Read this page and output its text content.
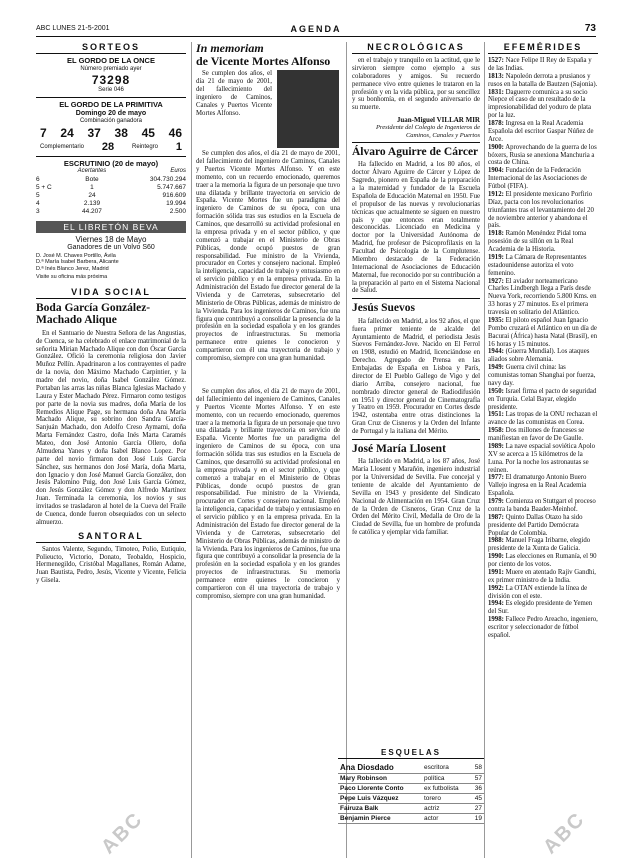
ABC LUNES 21-5-2001	AGENDA	73
SORTEOS
EL GORDO DE LA ONCE
Número premiado ayer
73298
Serie 046
EL GORDO DE LA PRIMITIVA
Domingo 20 de mayo
Combinación ganadora
7 24 37 38 45 46
Complementario 28	Reintegro 1
ESCRUTINIO (20 de mayo)
	Acertantes	Euros
6	Bote	304.730.294
5 + C	1	5.747.667
5	24	916.609
4	2.139	19.994
3	44.207	2.500
EL LIBRETÓN BEVA
Viernes 18 de Mayo
Ganadores de un Volvo S60
D. José M. Chaves Portillo, Ávila
D.ª María Isabel Barbera, Alicante
D.ª Inés Blanco Jerez, Madrid
Visite su oficina más próxima
VIDA SOCIAL
Boda García González-Machado Alique

En el Santuario de Nuestra Señora de las Angustias, de Cuenca, se ha celebrado el enlace matrimonial de la señorita Mirian Machado Alique con don Óscar García González. Ofició la ceremonia religiosa don Javier Muñoz Pellín. Apadrinaron a los contrayentes el padre de la novia, don Máximo Machado Carpintier, y la madre del novio, doña Isabel González Gómez. Portaban las arras las niñas Blanca Iglesias Machado y Laura y Ester Machado Pérez. Firmaron como testigos por parte de la novia sus madres, doña María de los Remedios Alique Page, su hermana doña Ana María Machado Alique, su sobrino don Sandra García-Sanjuán Machado, don Adolfo Creso Aymami, doña Marta Fernández Castro, doña Inés Marta Caramés Mateo, don José Antonio García Ollero, doña Almudena Yanes y doña Isabel Blanco Lopez. Por parte del novio firmaron don José Luis García Sánchez, sus hermanos don José María, doña Marta, don Ignacio y don José Manuel García González, don Jesús Palomino Puig, don José Luis García Gómez, don Jesús González Gómez y don Alfredo Martínez Juan. Terminada la ceremonia, los novios y sus invitados se trasladaron al hotel de la Cueva del Fraile de Cuenca, donde fueron obsequiados con un selecto almuerzo.

SANTORAL

Santos Valente, Segundo, Timoteo, Polio, Eutiquio, Polieucto, Victorio, Donato, Teobaldo, Hospicio, Hermenegildo, Cristóbal Magallanes, Román Adame, Juan Bautista, Pedro, Jesús, Vicente y Vicente, Felicia y Gisela.

In memoriam
de Vicente Mortes Alfonso

Se cumplen dos años, el día 21 de mayo de 2001, del fallecimiento del ingeniero de Caminos, Canales y Puertos Vicente Mortes Alfonso.

Se cumplen dos años, el día 21 de mayo de 2001, del fallecimiento del ingeniero de Caminos, Canales y Puertos Vicente Mortes Alfonso. Y en este momento, con un recuerdo emocionado, queremos traer a la memoria la figura de un personaje que tuvo una dilatada y brillante trayectoria en servicio de España. Vicente Mortes fue un paradigma del ingeniero de Caminos de su época, con una formación sólida tras sus estudios en la Escuela de Caminos, que desarrolló su actividad profesional en la empresa privada y en el sector público, y que comenzó a trabajar en el Ministerio de Obras Públicas, donde ocupó puestos de gran responsabilidad. Fue ministro de la Vivienda, procurador en Cortes y consejero nacional. Empleó la inteligencia, capacidad de trabajo y entusiasmo en el servicio público y en la empresa privada. En la Administración del Estado fue director general de la Vivienda y de Carreteras, subsecretario del Ministerio de Obras Públicas, además de ministro de la Vivienda. Para los ingenieros de Caminos, fue una figura que contribuyó a consolidar la presencia de la profesión en la sociedad española y en los grandes proyectos de infraestructuras. Su memoria permanece entre quienes le conocieron y compartieron con él una trayectoria de trabajo y compromiso, siempre con una gran humanidad.

ESQUELAS
Ana Diosdado	escritora	58
Mary Robinson	política	57
Paco Llorente Conto	ex futbolista	36
Pepe Luis Vázquez	torero	45
Fairuza Balk	actriz	27
Benjamin Pierce	actor	19

Se cumplen dos años, el día 21 de mayo de 2001, del fallecimiento del ingeniero de Caminos, Canales y Puertos Vicente Mortes Alfonso. Y en este momento, con un recuerdo emocionado, queremos traer a la memoria la figura de un personaje que tuvo una dilatada y brillante trayectoria en servicio de España. Vicente Mortes fue un paradigma del ingeniero de Caminos de su época, con una formación sólida tras sus estudios en la Escuela de Caminos, que desarrolló su actividad profesional en la empresa privada y en el sector público, y que comenzó a trabajar en el Ministerio de Obras Públicas, donde ocupó puestos de gran responsabilidad. Fue ministro de la Vivienda, procurador en Cortes y consejero nacional. Empleó la inteligencia, capacidad de trabajo y entusiasmo en el servicio público y en la empresa privada. En la Administración del Estado fue director general de la Vivienda y de Carreteras, subsecretario del Ministerio de Obras Públicas, además de ministro de la Vivienda. Para los ingenieros de Caminos, fue una figura que contribuyó a consolidar la presencia de la profesión en la sociedad española y en los grandes proyectos de infraestructuras. Su memoria permanece entre quienes le conocieron y compartieron con él una trayectoria de trabajo y compromiso, siempre con una gran humanidad.

NECROLÓGICAS

en el trabajo y tranquilo en la actitud, que le sirvieron siempre como ejemplo a sus colaboradores y amigos. Su recuerdo permanece vivo entre quienes le trataron en la profesión y en la vida pública, por su sencillez y su bonhomía, en el segundo aniversario de su muerte.

Juan-Miguel VILLAR MIR
Presidente del Colegio de Ingenieros de Caminos, Canales y Puertos
Álvaro Aguirre de Cárcer

Ha fallecido en Madrid, a los 80 años, el doctor Álvaro Aguirre de Cárcer y López de Sagredo, pionero en España de la preparación a la maternidad y fundador de la Escuela Española de Educación Maternal en 1950. Fue el propulsor de las nuevas y revolucionarias técnicas que actualmente se siguen en nuestro país y que entonces eran totalmente desconocidas. Licenciado en Medicina y doctor por la Universidad Autónoma de Madrid, fue profesor de Psicoprofilaxis en la Facultad de Psicología de la Complutense. Miembro destacado de la Federación Internacional de Asociaciones de Educación Maternal, fue reconocido por su contribución a la preparación al parto en el Sistema Nacional de Salud.

Jesús Suevos

Ha fallecido en Madrid, a los 92 años, el que fuera primer teniente de alcalde del Ayuntamiento de Madrid, el periodista Jesús Suevos Fernández-Jove. Nacido en El Ferrol en 1908, estudió en Madrid, licenciándose en Derecho. Agregado de Prensa en las Embajadas de España en Lisboa y París, director de El Pueblo Gallego de Vigo y del diario Arriba, consejero nacional, fue nombrado director general de Radiodifusión en 1951 y director general de Cinematografía y Teatro en 1959. Procurador en Cortes desde 1942, ostentaba entre otras distinciones la Gran Cruz de Cisneros y la Orden del Infante de Portugal y la italiana del Mérito.

José María Llosent

Ha fallecido en Madrid, a los 87 años, José María Llosent y Marañón, ingeniero industrial por la Universidad de Sevilla. Fue concejal y teniente de alcalde del Ayuntamiento de Sevilla en 1943 y presidente del Sindicato Nacional de Alimentación en 1954. Gran Cruz de la Orden de Cisneros, Gran Cruz de la Orden del Mérito Civil, Medalla de Oro de la Ciudad de Sevilla, fue un hombre de profunda fe católica y ejemplar vida familiar.

EFEMÉRIDES

1527: Nace Felipe II Rey de España y de las Indias.

1813: Napoleón derrota a prusianos y rusos en la batalla de Bautzen (Sajonia).

1831: Daguerre comunica a su socio Niepce el caso de un resultado de la impresionabilidad del yoduro de plata por la luz.

1878: Ingresa en la Real Academia Española del escritor Gaspar Núñez de Arce.

1900: Aprovechando de la guerra de los bóxers, Rusia se anexiona Manchuria a costa de China.

1904: Fundación de la Federación Internacional de las Asociaciones de Fútbol (FIFA).

1912: El presidente mexicano Porfirio Díaz, pacta con los revolucionarios triunfantes tras el levantamiento del 20 de noviembre anterior y abandona el país.

1918: Ramón Menéndez Pidal toma posesión de su sillón en la Real Academia de la Historia.

1919: La Cámara de Representantes estadounidense autoriza el voto femenino.

1927: El aviador norteamericano Charles Lindbergh llega a París desde Nueva York, recorriendo 5.800 Kms. en 33 horas y 27 minutos. Es el primera travesía en solitario del Atlántico.

1935: El piloto español Juan Ignacio Pombo cruzará el Atlántico en un día de Bacurai (África) hasta Natal (Brasil), en 16 horas y 15 minutos.

1944: (Guerra Mundial). Los ataques aliados sobre Alemania.

1949: Guerra civil china: las comunistas toman Shanghai por fuerza, navy day.

1950: Israel firma el pacto de seguridad en Turquía. Celal Bayar, elegido presidente.

1951: Las tropas de la ONU rechazan el avance de las comunistas en Corea.

1958: Dos millones de franceses se manifiestan en favor de De Gaulle.

1989: La nave espacial soviética Apolo XV se acerca a 15 kilómetros de la Luna. Por la noche los astronautas se reúnen.

1977: El dramaturgo Antonio Buero Vallejo ingresa en la Real Academia Española.

1979: Comienza en Stuttgart el proceso contra la banda Baader-Meinhof.

1987: Quinto Dallas Otazo ha sido presidente del Partido Demócrata Popular de Colombia.

1988: Manuel Fraga Iribarne, elegido presidente de la Xunta de Galicia.

1990: Las elecciones en Rumanía, el 90 por ciento de los votos.

1991: Muere en atentado Rajiv Gandhi, ex primer ministro de la India.

1992: La OTAN extiende la línea de división con el este.

1994: Es elegido presidente de Yemen del Sur.

1998: Fallece Pedro Areacho, ingeniero, escritor y seleccionador de fútbol español.

ABC	ABC
